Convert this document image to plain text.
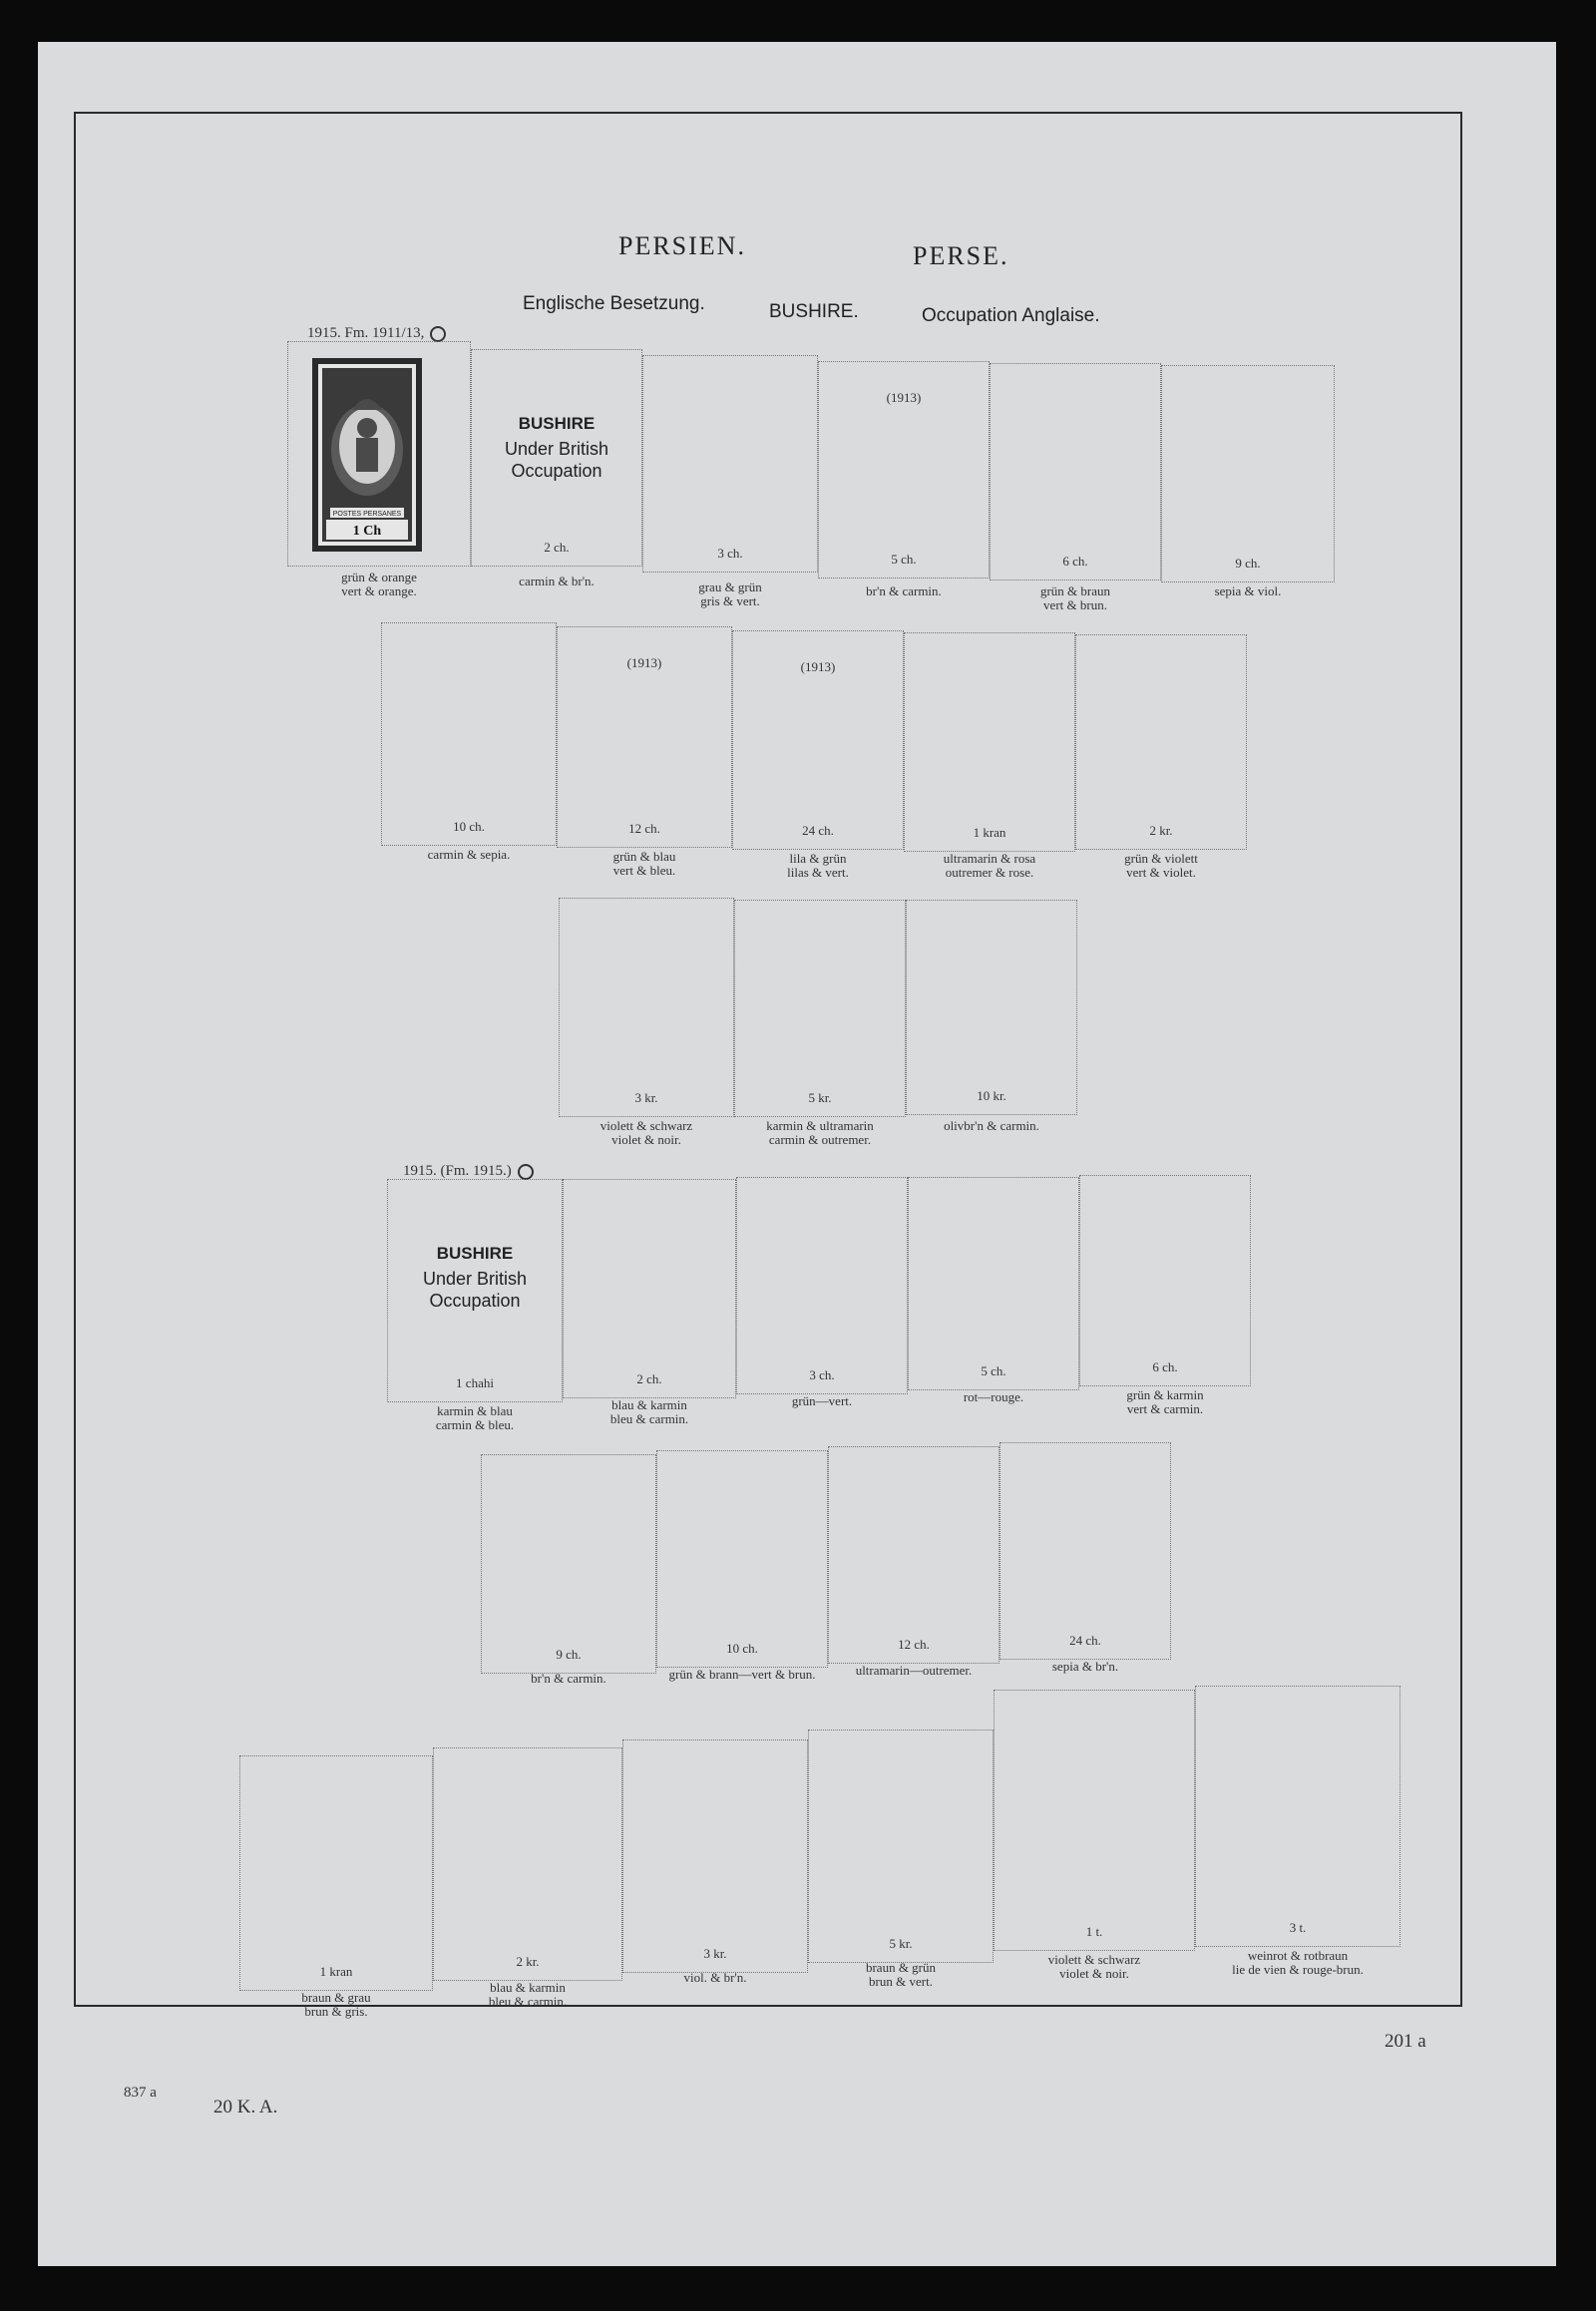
PERSIEN.	PERSE.
Englische Besetzung.	BUSHIRE.	Occupation Anglaise.
1915. Fm. 1911/13,
POSTES PERSANES
1 Ch
grün & orange
vert & orange.
BUSHIRE
Under British
Occupation
2 ch.
carmin & br'n.
3 ch.
grau & grün
gris & vert.
(1913)
5 ch.
br'n & carmin.
6 ch.
grün & braun
vert & brun.
9 ch.
sepia & viol.
10 ch.
carmin & sepia.
(1913)
12 ch.
grün & blau
vert & bleu.
(1913)
24 ch.
lila & grün
lilas & vert.
1 kran
ultramarin & rosa
outremer & rose.
2 kr.
grün & violett
vert & violet.
3 kr.
violett & schwarz
violet & noir.
5 kr.
karmin & ultramarin
carmin & outremer.
10 kr.
olivbr'n & carmin.
1915. (Fm. 1915.)
BUSHIRE
Under British
Occupation
1 chahi
karmin & blau
carmin & bleu.
2 ch.
blau & karmin
bleu & carmin.
3 ch.
grün—vert.
5 ch.
rot—rouge.
6 ch.
grün & karmin
vert & carmin.
9 ch.
br'n & carmin.
10 ch.
grün & brann—vert & brun.
12 ch.
ultramarin—outremer.
24 ch.
sepia & br'n.
1 kran
braun & grau
brun & gris.
2 kr.
blau & karmin
bleu & carmin.
3 kr.
viol. & br'n.
5 kr.
braun & grün
brun & vert.
1 t.
violett & schwarz
violet & noir.
3 t.
weinrot & rotbraun
lie de vien & rouge-brun.
201 a
837 a
20 K. A.
